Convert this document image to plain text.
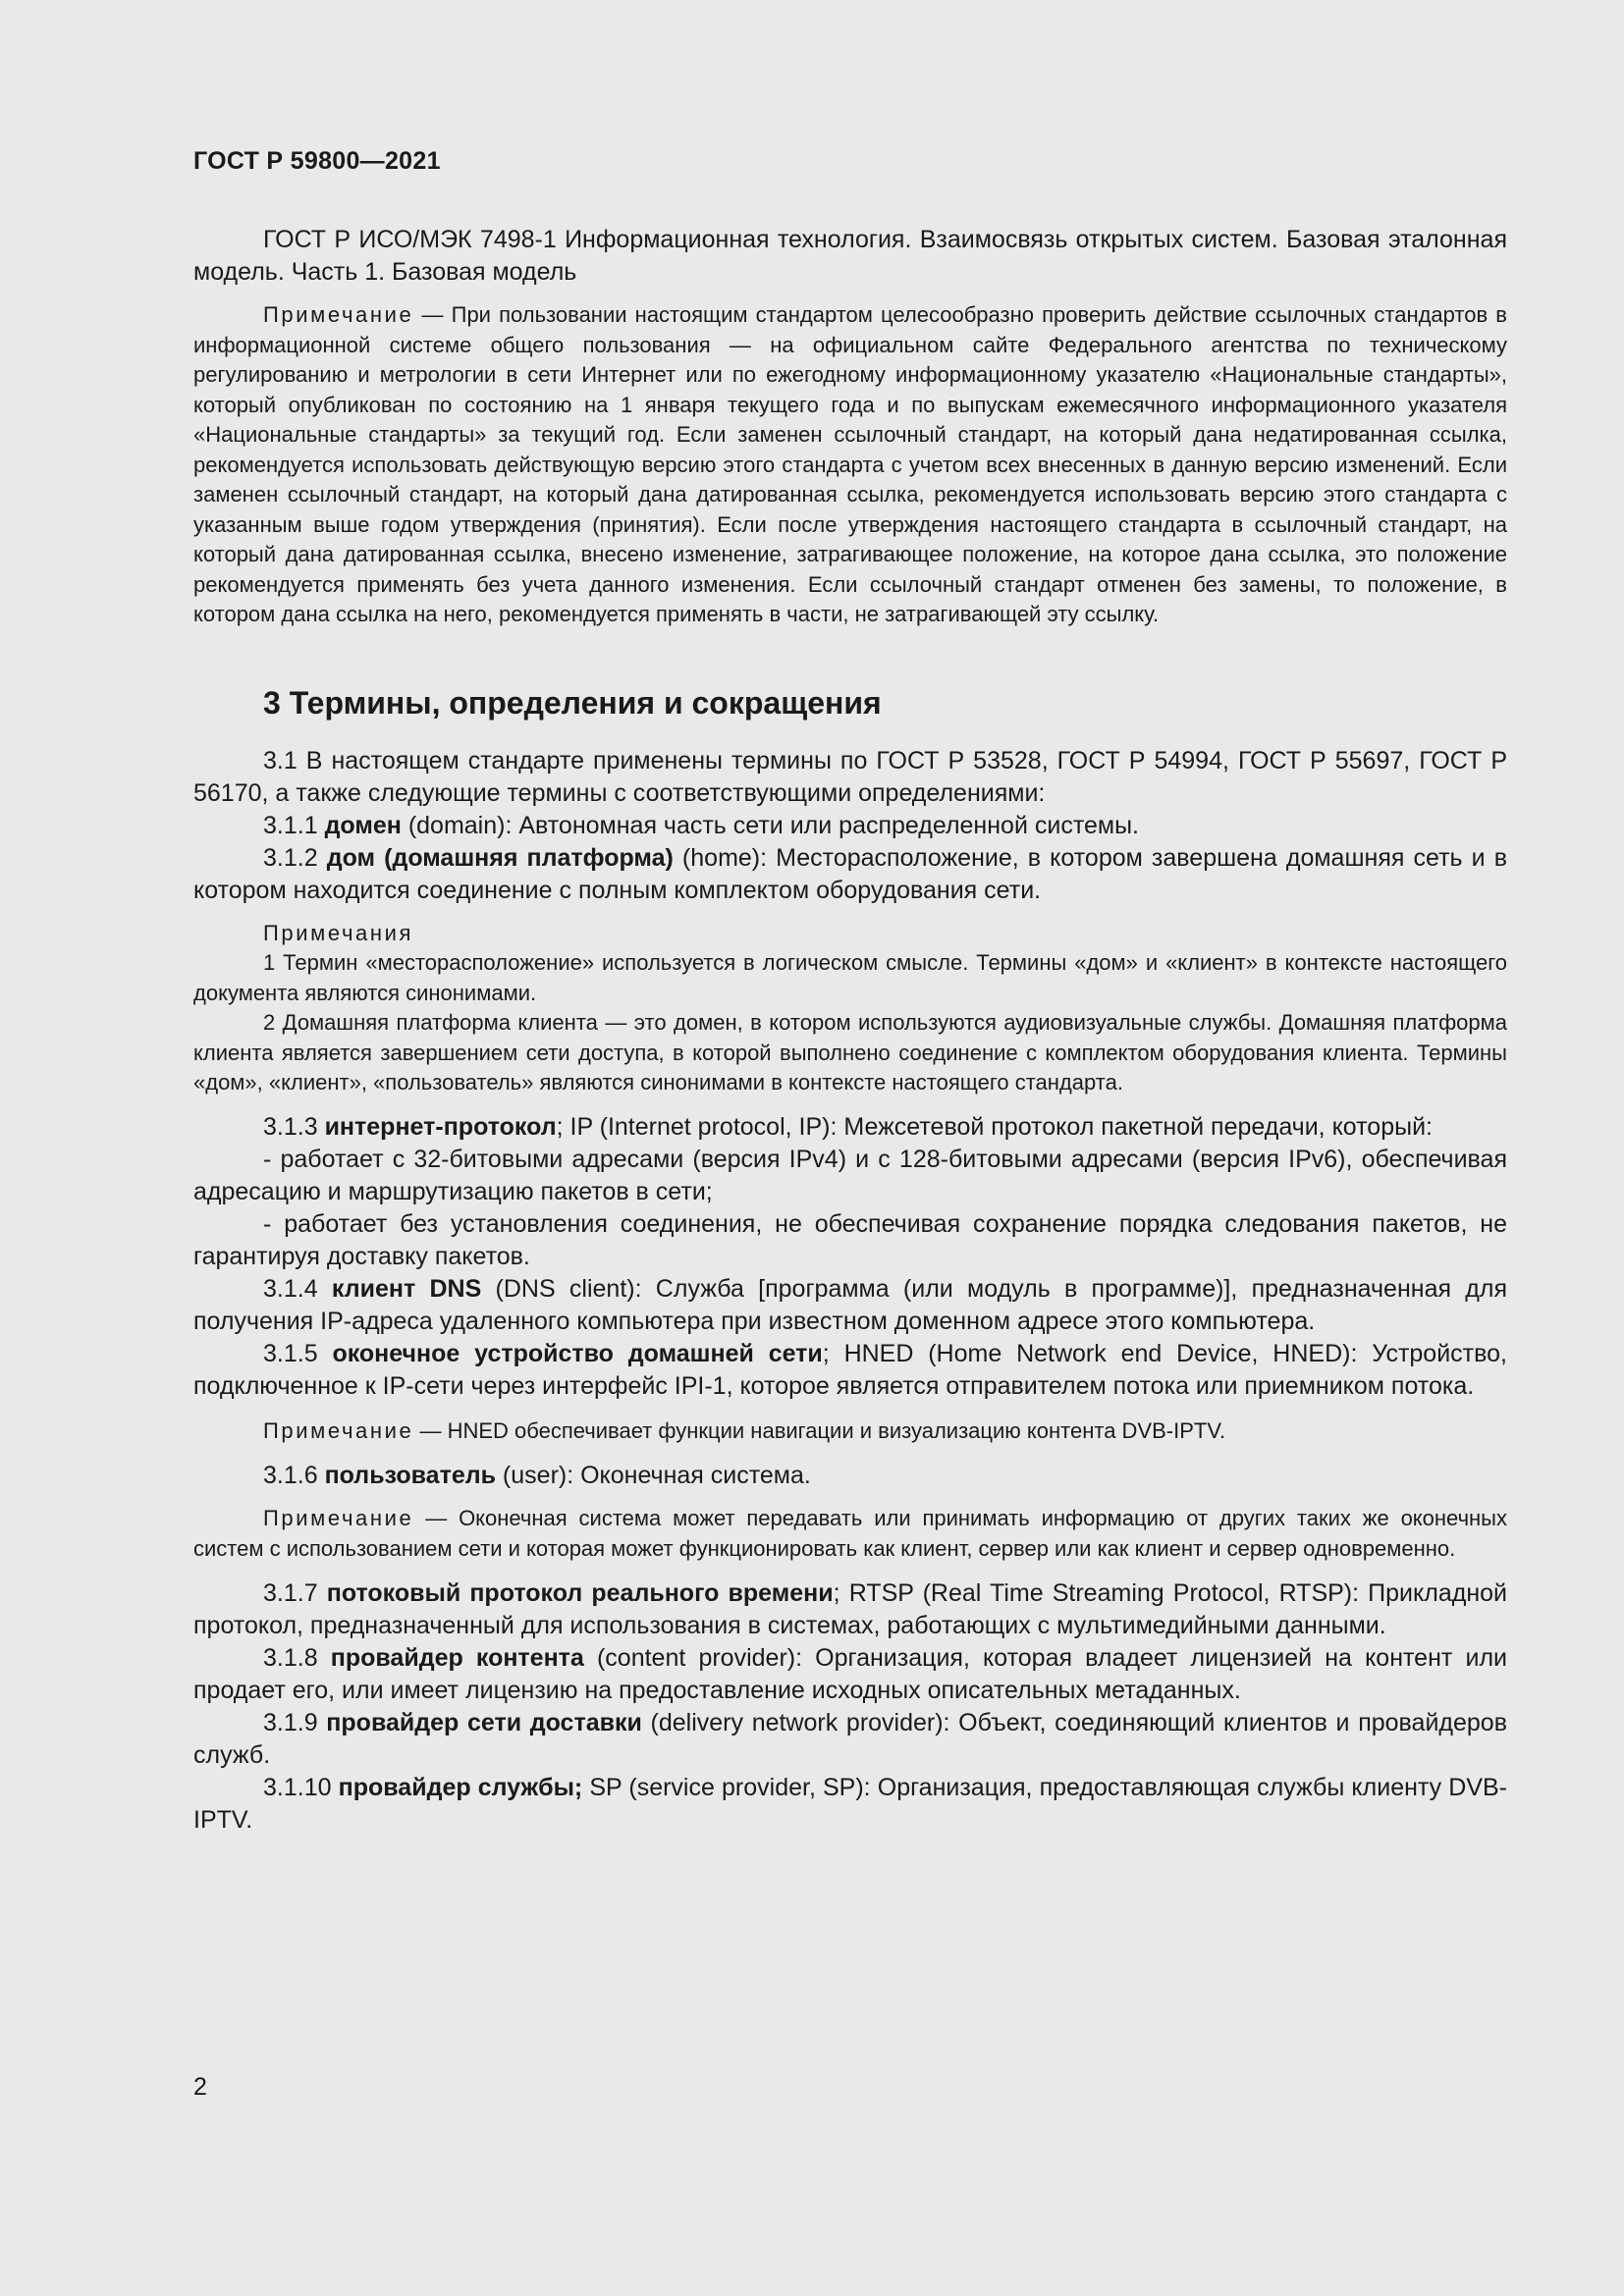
ГОСТ Р 59800—2021

ГОСТ Р ИСО/МЭК 7498-1 Информационная технология. Взаимосвязь открытых систем. Базовая эталонная модель. Часть 1. Базовая модель

Примечание — При пользовании настоящим стандартом целесообразно проверить действие ссылочных стандартов в информационной системе общего пользования — на официальном сайте Федерального агентства по техническому регулированию и метрологии в сети Интернет или по ежегодному информационному указателю «Национальные стандарты», который опубликован по состоянию на 1 января текущего года и по выпускам ежемесячного информационного указателя «Национальные стандарты» за текущий год. Если заменен ссылочный стандарт, на который дана недатированная ссылка, рекомендуется использовать действующую версию этого стандарта с учетом всех внесенных в данную версию изменений. Если заменен ссылочный стандарт, на который дана датированная ссылка, рекомендуется использовать версию этого стандарта с указанным выше годом утверждения (принятия). Если после утверждения настоящего стандарта в ссылочный стандарт, на который дана датированная ссылка, внесено изменение, затрагивающее положение, на которое дана ссылка, это положение рекомендуется применять без учета данного изменения. Если ссылочный стандарт отменен без замены, то положение, в котором дана ссылка на него, рекомендуется применять в части, не затрагивающей эту ссылку.

3 Термины, определения и сокращения

3.1 В настоящем стандарте применены термины по ГОСТ Р 53528, ГОСТ Р 54994, ГОСТ Р 55697, ГОСТ Р 56170, а также следующие термины с соответствующими определениями:

3.1.1 домен (domain): Автономная часть сети или распределенной системы.

3.1.2 дом (домашняя платформа) (home): Месторасположение, в котором завершена домашняя сеть и в котором находится соединение с полным комплектом оборудования сети.

Примечания

1 Термин «месторасположение» используется в логическом смысле. Термины «дом» и «клиент» в контексте настоящего документа являются синонимами.

2 Домашняя платформа клиента — это домен, в котором используются аудиовизуальные службы. Домашняя платформа клиента является завершением сети доступа, в которой выполнено соединение с комплектом оборудования клиента. Термины «дом», «клиент», «пользователь» являются синонимами в контексте настоящего стандарта.

3.1.3 интернет-протокол; IP (Internet protocol, IP): Межсетевой протокол пакетной передачи, который:

- работает с 32-битовыми адресами (версия IPv4) и с 128-битовыми адресами (версия IPv6), обеспечивая адресацию и маршрутизацию пакетов в сети;

- работает без установления соединения, не обеспечивая сохранение порядка следования пакетов, не гарантируя доставку пакетов.

3.1.4 клиент DNS (DNS client): Служба [программа (или модуль в программе)], предназначенная для получения IP-адреса удаленного компьютера при известном доменном адресе этого компьютера.

3.1.5 оконечное устройство домашней сети; HNED (Home Network end Device, HNED): Устройство, подключенное к IP-сети через интерфейс IPI-1, которое является отправителем потока или приемником потока.

Примечание — HNED обеспечивает функции навигации и визуализацию контента DVB-IPTV.

3.1.6 пользователь (user): Оконечная система.

Примечание — Оконечная система может передавать или принимать информацию от других таких же оконечных систем с использованием сети и которая может функционировать как клиент, сервер или как клиент и сервер одновременно.

3.1.7 потоковый протокол реального времени; RTSP (Real Time Streaming Protocol, RTSP): Прикладной протокол, предназначенный для использования в системах, работающих с мультимедийными данными.

3.1.8 провайдер контента (content provider): Организация, которая владеет лицензией на контент или продает его, или имеет лицензию на предоставление исходных описательных метаданных.

3.1.9 провайдер сети доставки (delivery network provider): Объект, соединяющий клиентов и провайдеров служб.

3.1.10 провайдер службы; SP (service provider, SP): Организация, предоставляющая службы клиенту DVB-IPTV.

2
